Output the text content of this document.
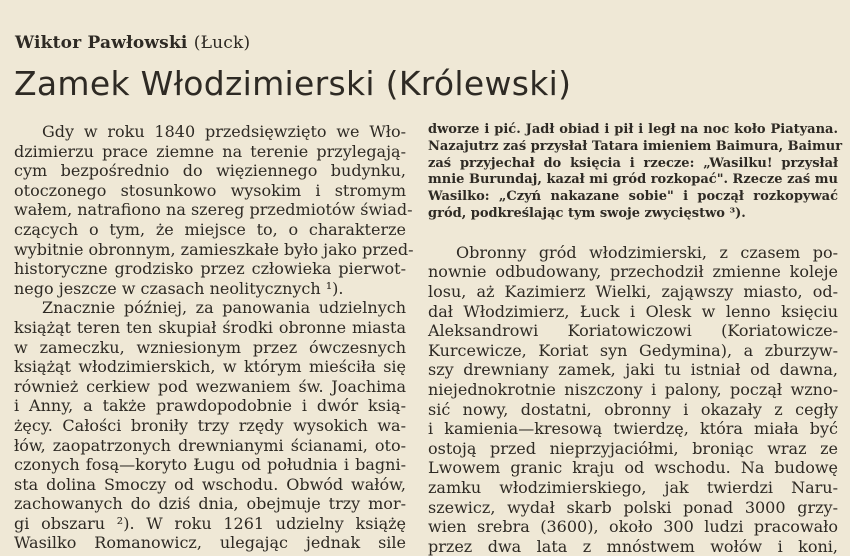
Wiktor Pawłowski (Łuck)
Zamek Włodzimierski (Królewski)
Gdy w roku 1840 przedsięwzięto we Wło-
dzimierzu prace ziemne na terenie przylegają-
cym bezpośrednio do więziennego budynku,
otoczonego stosunkowo wysokim i stromym
wałem, natrafiono na szereg przedmiotów świad-
czących o tym, że miejsce to, o charakterze
wybitnie obronnym, zamieszkałe było jako przed-
historyczne grodzisko przez człowieka pierwot-
nego jeszcze w czasach neolitycznych ¹).
Znacznie później, za panowania udzielnych
książąt teren ten skupiał środki obronne miasta
w zameczku, wzniesionym przez ówczesnych
książąt włodzimierskich, w którym mieściła się
również cerkiew pod wezwaniem św. Joachima
i Anny, a także prawdopodobnie i dwór ksią-
żęcy. Całości broniły trzy rzędy wysokich wa-
łów, zaopatrzonych drewnianymi ścianami, oto-
czonych fosą—koryto Ługu od południa i bagni-
sta dolina Smoczy od wschodu. Obwód wałów,
zachowanych do dziś dnia, obejmuje trzy mor-
gi obszaru ²). W roku 1261 udzielny książę
Wasilko Romanowicz, ulegając jednak sile
dworze i pić. Jadł obiad i pił i legł na noc koło Piatyana.
Nazajutrz zaś przysłał Tatara imieniem Baimura, Baimur
zaś przyjechał do księcia i rzecze: „Wasilku! przysłał
mnie Burundaj, kazał mi gród rozkopać". Rzecze zaś mu
Wasilko: „Czyń nakazane sobie" i począł rozkopywać
gród, podkreślając tym swoje zwycięstwo ³).
Obronny gród włodzimierski, z czasem po-
nownie odbudowany, przechodził zmienne koleje
losu, aż Kazimierz Wielki, zająwszy miasto, od-
dał Włodzimierz, Łuck i Olesk w lenno księciu
Aleksandrowi Koriatowiczowi (Koriatowicze-
Kurcewicze, Koriat syn Gedymina), a zburzyw-
szy drewniany zamek, jaki tu istniał od dawna,
niejednokrotnie niszczony i palony, począł wzno-
sić nowy, dostatni, obronny i okazały z cegły
i kamienia—kresową twierdzę, która miała być
ostoją przed nieprzyjaciółmi, broniąc wraz ze
Lwowem granic kraju od wschodu. Na budowę
zamku włodzimierskiego, jak twierdzi Naru-
szewicz, wydał skarb polski ponad 3000 grzy-
wien srebra (3600), około 300 ludzi pracowało
przez dwa lata z mnóstwem wołów i koni,
